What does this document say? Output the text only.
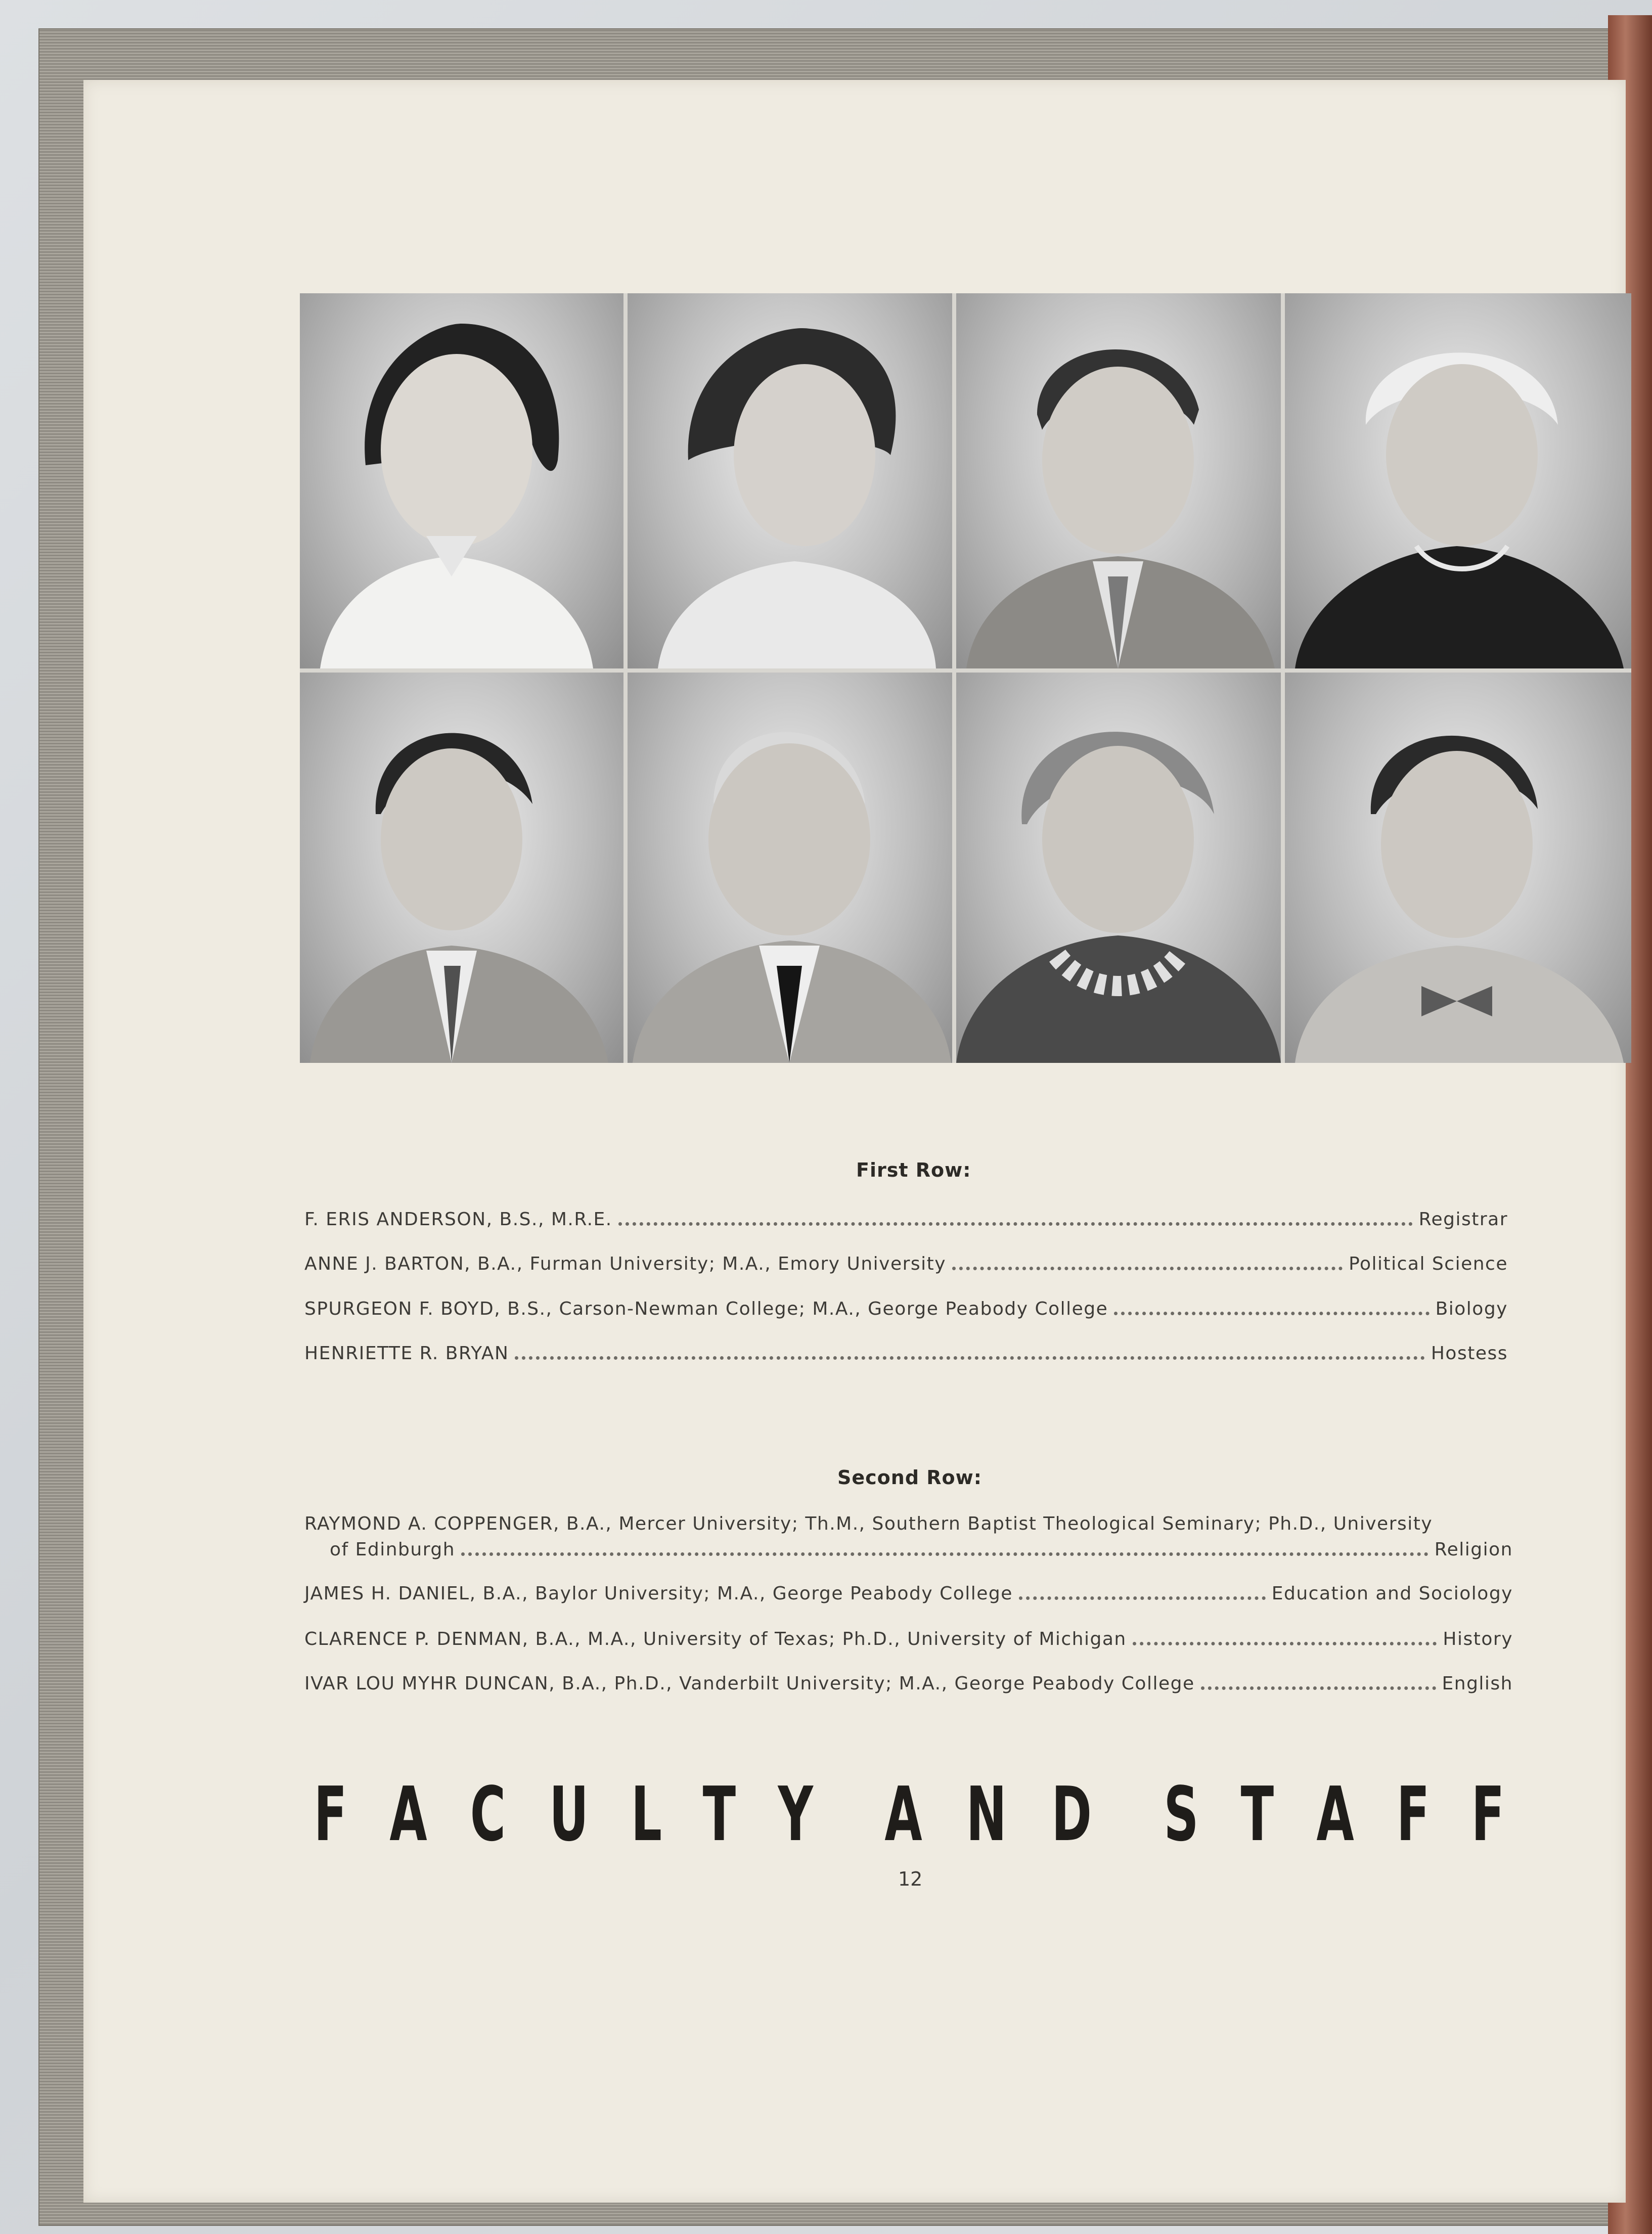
First Row:
F. ERIS ANDERSON, B.S., M.R.E.	Registrar
ANNE J. BARTON, B.A., Furman University; M.A., Emory University	Political Science
SPURGEON F. BOYD, B.S., Carson-Newman College; M.A., George Peabody College	Biology
HENRIETTE R. BRYAN	Hostess
Second Row:
RAYMOND A. COPPENGER, B.A., Mercer University; Th.M., Southern Baptist Theological Seminary; Ph.D., University
of Edinburgh	Religion
JAMES H. DANIEL, B.A., Baylor University; M.A., George Peabody College	Education and Sociology
CLARENCE P. DENMAN, B.A., M.A., University of Texas; Ph.D., University of Michigan	History
IVAR LOU MYHR DUNCAN, B.A., Ph.D., Vanderbilt University; M.A., George Peabody College	English
F A C U L T Y A N D S T A F F
12
